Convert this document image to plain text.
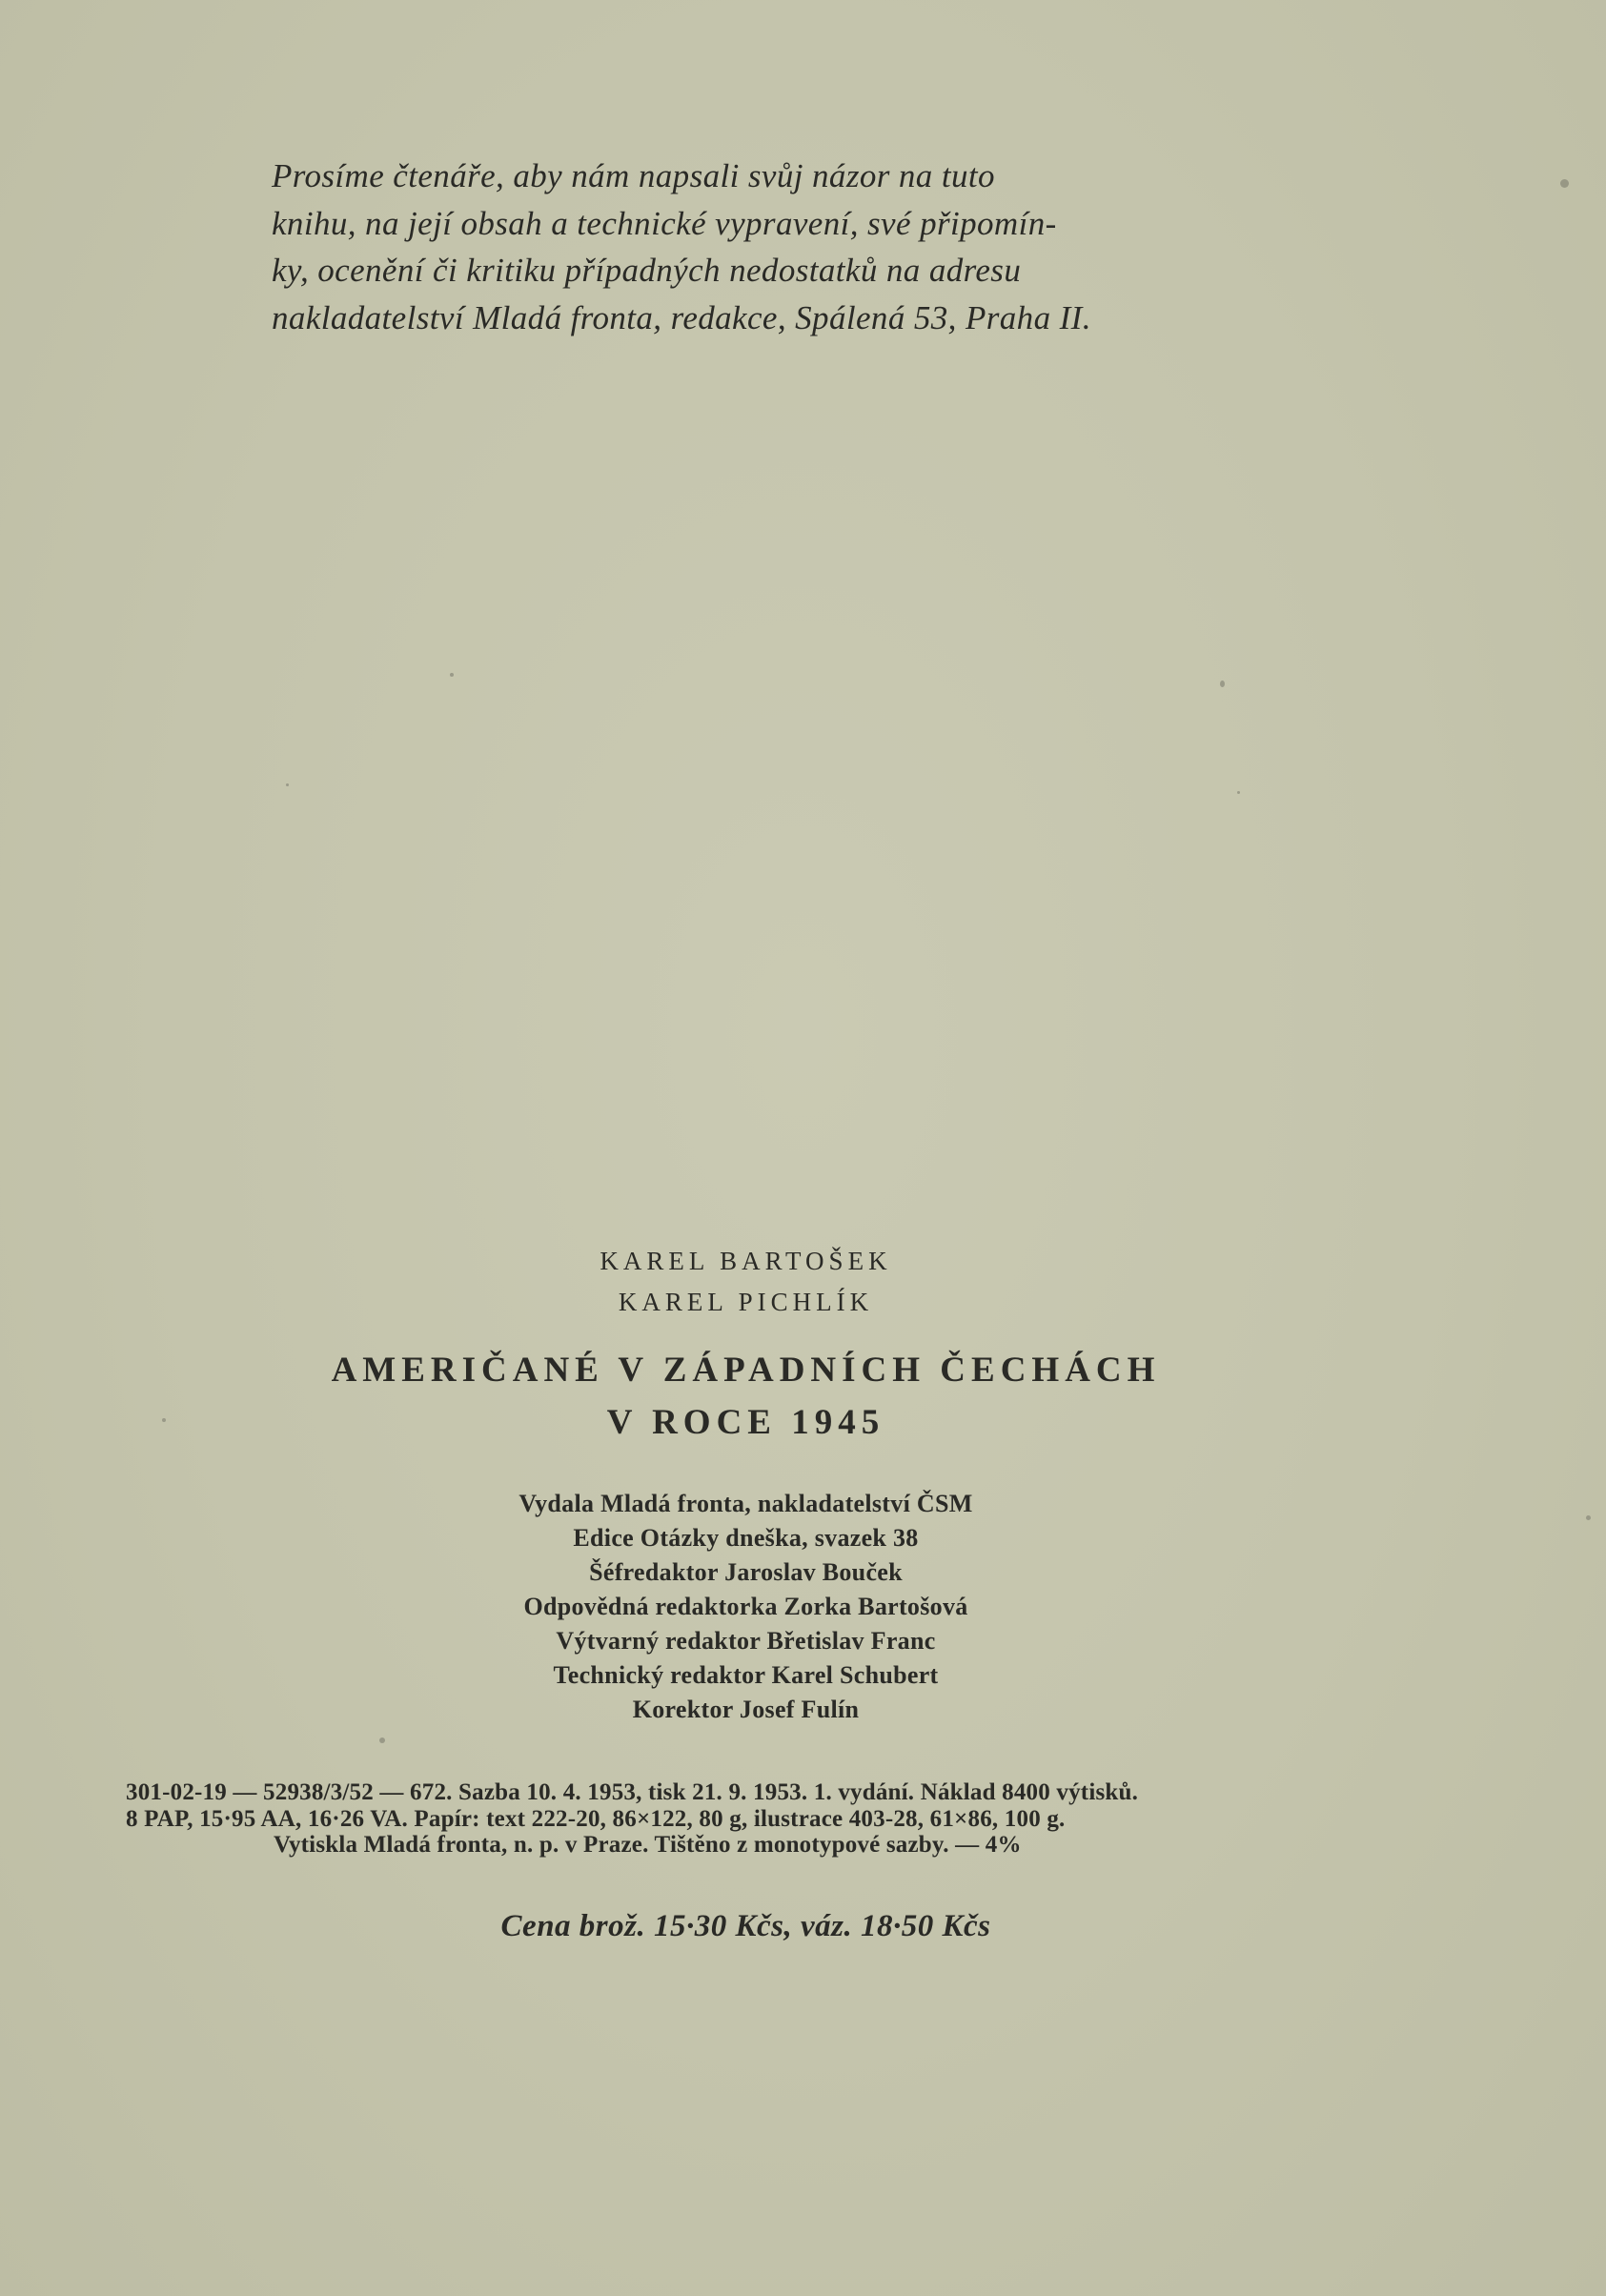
Prosíme čtenáře, aby nám napsali svůj názor na tuto
knihu, na její obsah a technické vypravení, své připomín-
ky, ocenění či kritiku případných nedostatků na adresu
nakladatelství Mladá fronta, redakce, Spálená 53, Praha II.
KAREL BARTOŠEK
KAREL PICHLÍK
AMERIČANÉ V ZÁPADNÍCH ČECHÁCH
V ROCE 1945
Vydala Mladá fronta, nakladatelství ČSM
Edice Otázky dneška, svazek 38
Šéfredaktor Jaroslav Bouček
Odpovědná redaktorka Zorka Bartošová
Výtvarný redaktor Břetislav Franc
Technický redaktor Karel Schubert
Korektor Josef Fulín
301-02-19 — 52938/3/52 — 672. Sazba 10. 4. 1953, tisk 21. 9. 1953. 1. vydání. Náklad 8400 výtisků.
8 PAP, 15·95 AA, 16·26 VA. Papír: text 222-20, 86×122, 80 g, ilustrace 403-28, 61×86, 100 g.
Vytiskla Mladá fronta, n. p. v Praze. Tištěno z monotypové sazby. — 4%
Cena brož. 15·30 Kčs, váz. 18·50 Kčs
